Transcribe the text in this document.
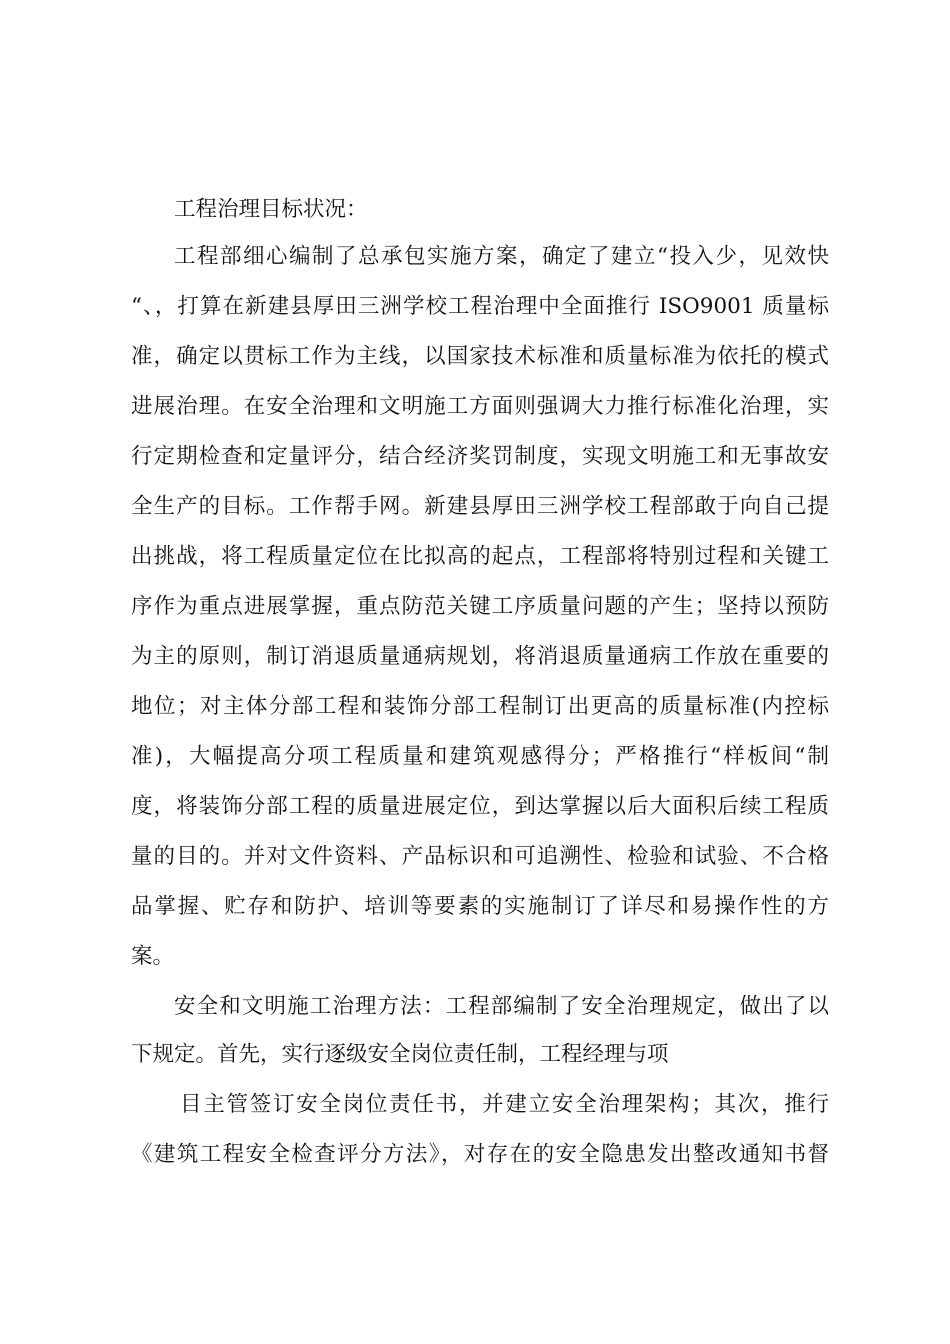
工程治理目标状况：
工程部细心编制了总承包实施方案，确定了建立“投入少，见效快
“、，打算在新建县厚田三洲学校工程治理中全面推行 ISO9001 质量标
准，确定以贯标工作为主线，以国家技术标准和质量标准为依托的模式
进展治理。在安全治理和文明施工方面则强调大力推行标准化治理，实
行定期检查和定量评分，结合经济奖罚制度，实现文明施工和无事故安
全生产的目标。工作帮手网。新建县厚田三洲学校工程部敢于向自己提
出挑战，将工程质量定位在比拟高的起点，工程部将特别过程和关键工
序作为重点进展掌握，重点防范关键工序质量问题的产生；坚持以预防
为主的原则，制订消退质量通病规划，将消退质量通病工作放在重要的
地位；对主体分部工程和装饰分部工程制订出更高的质量标准(内控标
准)，大幅提高分项工程质量和建筑观感得分；严格推行“样板间“制
度，将装饰分部工程的质量进展定位，到达掌握以后大面积后续工程质
量的目的。并对文件资料、产品标识和可追溯性、检验和试验、不合格
品掌握、贮存和防护、培训等要素的实施制订了详尽和易操作性的方
案。
安全和文明施工治理方法：工程部编制了安全治理规定，做出了以
下规定。首先，实行逐级安全岗位责任制，工程经理与项
目主管签订安全岗位责任书，并建立安全治理架构；其次，推行
《建筑工程安全检查评分方法》，对存在的安全隐患发出整改通知书督
